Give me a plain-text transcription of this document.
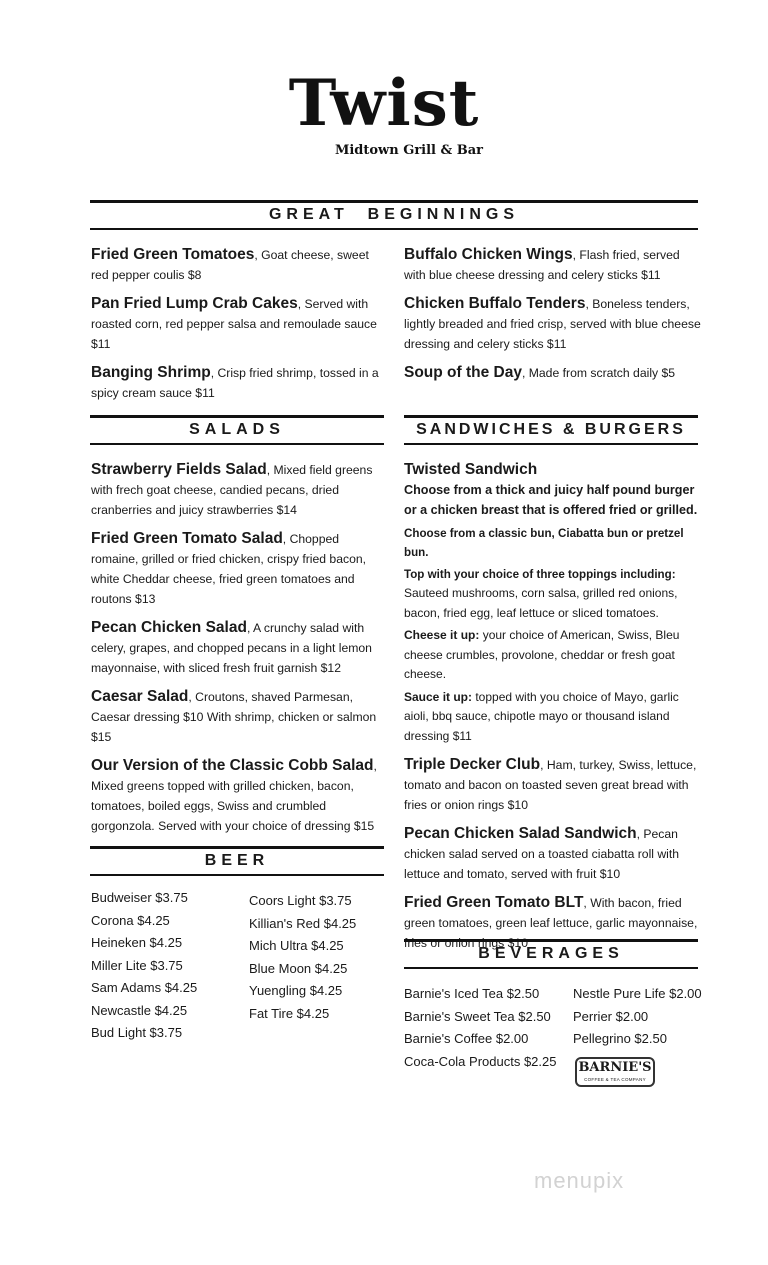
Twist
Midtown Grill & Bar
GREAT  BEGINNINGS
Fried Green Tomatoes, Goat cheese, sweet red pepper coulis $8
Pan Fried Lump Crab Cakes, Served with roasted corn, red pepper salsa and remoulade sauce $11
Banging Shrimp, Crisp fried shrimp, tossed in a spicy cream sauce $11
Buffalo Chicken Wings, Flash fried, served with blue cheese dressing and celery sticks $11
Chicken Buffalo Tenders, Boneless tenders, lightly breaded and fried crisp, served with blue cheese dressing and celery sticks $11
Soup of the Day, Made from scratch daily $5
SALADS
Strawberry Fields Salad, Mixed field greens with frech goat cheese, candied pecans, dried cranberries and juicy strawberries $14
Fried Green Tomato Salad, Chopped romaine, grilled or fried chicken, crispy fried bacon, white Cheddar cheese, fried green tomatoes and routons $13
Pecan Chicken Salad, A crunchy salad with celery, grapes, and chopped pecans in a light lemon mayonnaise, with sliced fresh fruit garnish $12
Caesar Salad, Croutons, shaved Parmesan, Caesar dressing $10 With shrimp, chicken or salmon $15
Our Version of the Classic Cobb Salad, Mixed greens topped with grilled chicken, bacon, tomatoes, boiled eggs, Swiss and crumbled gorgonzola. Served with your choice of dressing $15
BEER
Budweiser $3.75
Corona $4.25
Heineken $4.25
Miller Lite $3.75
Sam Adams $4.25
Newcastle $4.25
Bud Light $3.75
Coors Light $3.75
Killian's Red $4.25
Mich Ultra $4.25
Blue Moon $4.25
Yuengling $4.25
Fat Tire $4.25
SANDWICHES & BURGERS
Twisted Sandwich
Choose from a thick and juicy half pound burger or a chicken breast that is offered fried or grilled.
Choose from a classic bun, Ciabatta bun or pretzel bun.
Top with your choice of three toppings including:
Sauteed mushrooms, corn salsa, grilled red onions, bacon, fried egg, leaf lettuce or sliced tomatoes.
Cheese it up: your choice of American, Swiss, Bleu cheese crumbles, provolone, cheddar or fresh goat cheese.
Sauce it up: topped with you choice of Mayo, garlic aioli, bbq sauce, chipotle mayo or thousand island dressing $11
Triple Decker Club, Ham, turkey, Swiss, lettuce, tomato and bacon on toasted seven great bread with fries or onion rings $10
Pecan Chicken Salad Sandwich, Pecan chicken salad served on a toasted ciabatta roll with lettuce and tomato, served with fruit $10
Fried Green Tomato BLT, With bacon, fried green tomatoes, green leaf lettuce, garlic mayonnaise, fries or onion rings $10
BEVERAGES
Barnie's Iced Tea $2.50
Barnie's Sweet Tea $2.50
Barnie's Coffee $2.00
Coca-Cola Products $2.25
Nestle Pure Life $2.00
Perrier $2.00
Pellegrino $2.50
BARNIE'S
COFFEE & TEA COMPANY
menupix
